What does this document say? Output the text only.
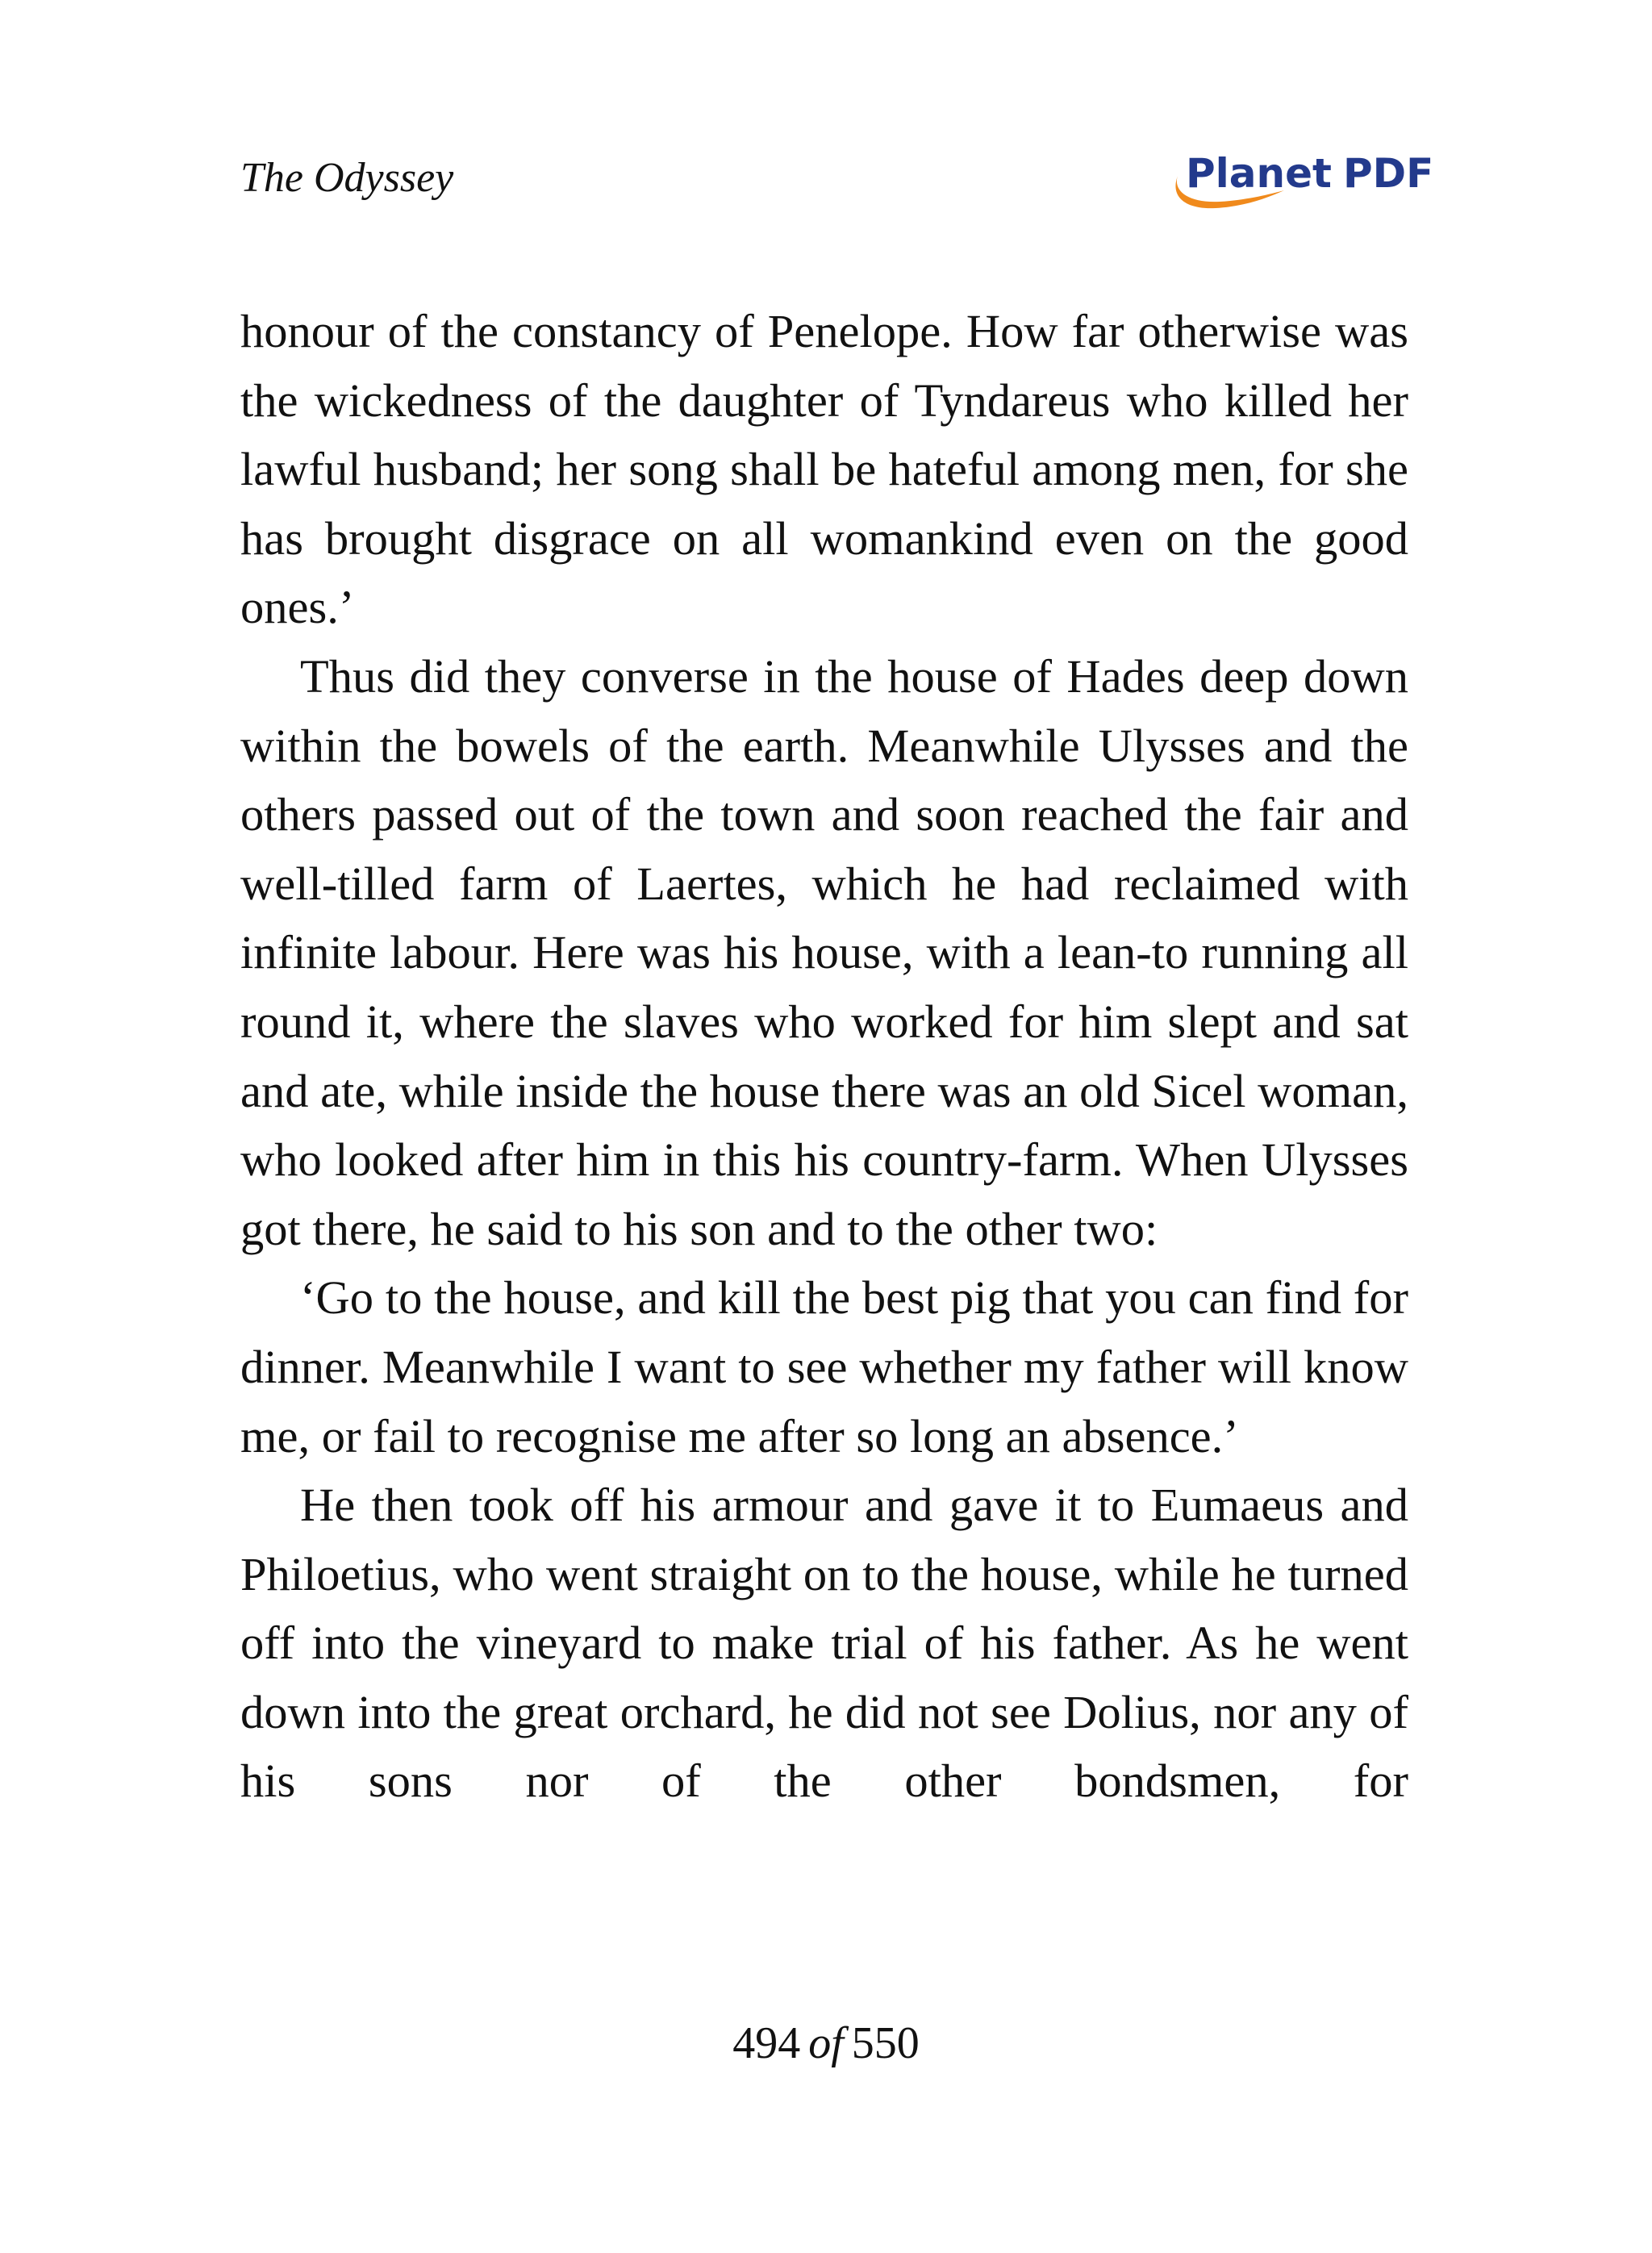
The Odyssey	Planet PDF

honour of the constancy of Penelope. How far otherwise was the wickedness of the daughter of Tyndareus who killed her lawful husband; her song shall be hateful among men, for she has brought disgrace on all womankind even on the good ones.’

Thus did they converse in the house of Hades deep down within the bowels of the earth. Meanwhile Ulysses and the others passed out of the town and soon reached the fair and well-tilled farm of Laertes, which he had reclaimed with infinite labour. Here was his house, with a lean-to running all round it, where the slaves who worked for him slept and sat and ate, while inside the house there was an old Sicel woman, who looked after him in this his country-farm. When Ulysses got there, he said to his son and to the other two:

‘Go to the house, and kill the best pig that you can find for dinner. Meanwhile I want to see whether my father will know me, or fail to recognise me after so long an absence.’

He then took off his armour and gave it to Eumaeus and Philoetius, who went straight on to the house, while he turned off into the vineyard to make trial of his father. As he went down into the great orchard, he did not see Dolius, nor any of his sons nor of the other bondsmen, for

494 of 550
